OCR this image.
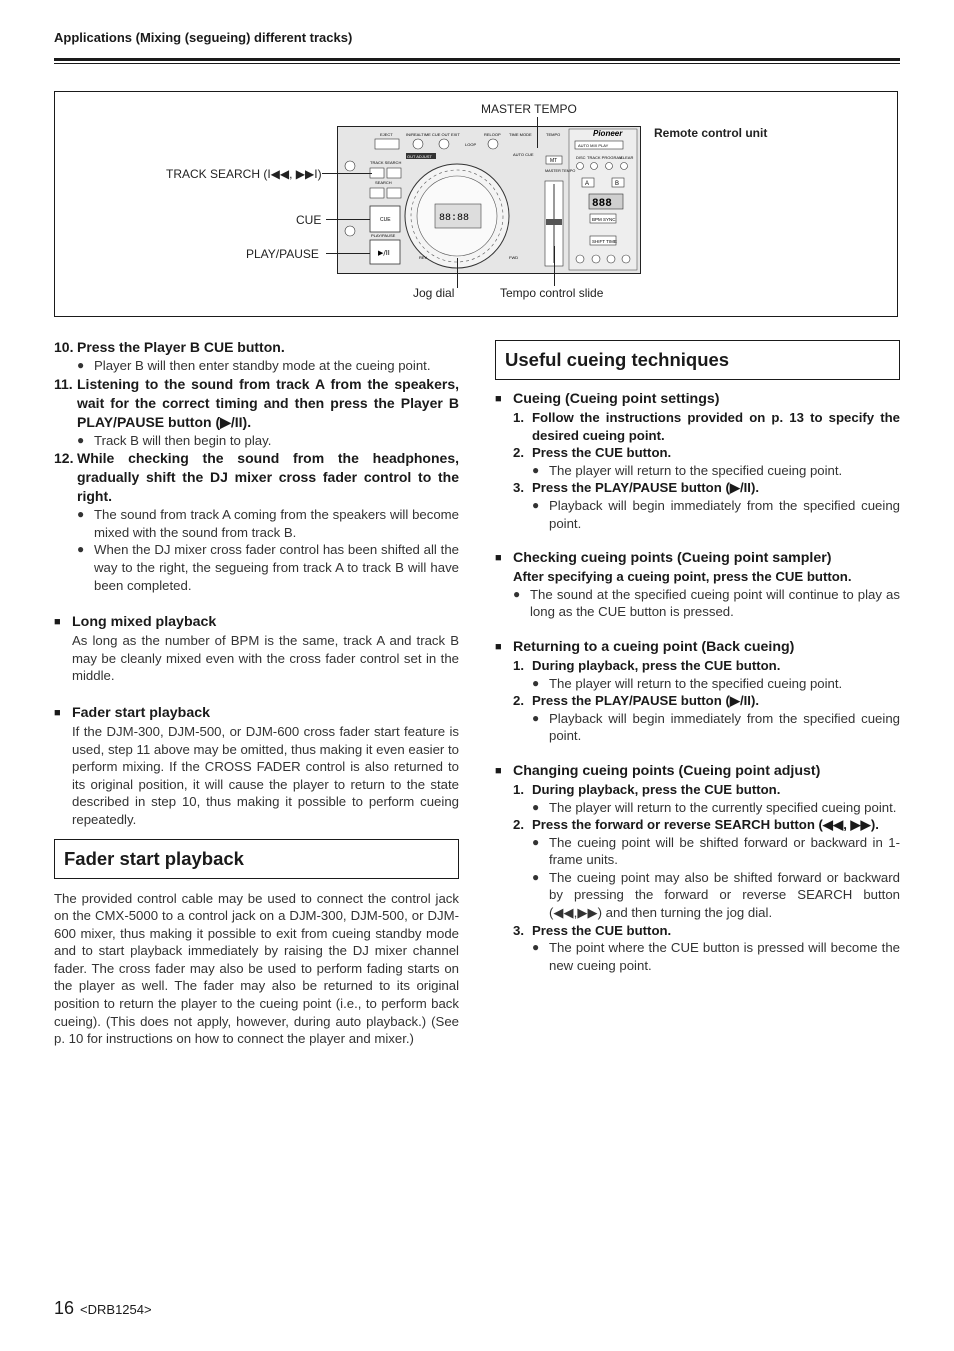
Applications (Mixing (segueing) different tracks)
Pioneer
AUTO MIX PLAY
DISC TRACK PROGRAM
CLEAR
A	B
888
BPM SYNC
SHIFT TIME
EJECT	IN/REALTIME CUE OUT EXIT	RELOOP TIME MODE	TEMPO
OUT ADJUST
LOOP
AUTO CUE
MT
TRACK SEARCH
SEARCH
CUE
PLAY/PAUSE
▶/II
88:88
REV	FWD
MASTER TEMPO
MASTER TEMPO
TRACK SEARCH (I◀◀, ▶▶I)
CUE
PLAY/PAUSE
Jog dial	Tempo control slide
Remote control unit
10. Press the Player B CUE button.
● Player B will then enter standby mode at the cueing point.
11. Listening to the sound from track A from the speakers, wait for the correct timing and then press the Player B PLAY/PAUSE button (▶/II).
● Track B will then begin to play.
12. While checking the sound from the headphones, gradually shift the DJ mixer cross fader control to the right.
● The sound from track A coming from the speakers will become mixed with the sound from track B.
● When the DJ mixer cross fader control has been shifted all the way to the right, the segueing from track A to track B will have been completed.
■ Long mixed playback
As long as the number of BPM is the same, track A and track B may be cleanly mixed even with the cross fader control set in the middle.
■ Fader start playback
If the DJM-300, DJM-500, or DJM-600 cross fader start feature is used, step 11 above may be omitted, thus making it even easier to perform mixing. If the CROSS FADER control is also returned to its original position, it will cause the player to return to the state described in step 10, thus making it possible to perform cueing repeatedly.
Fader start playback
The provided control cable may be used to connect the control jack on the CMX-5000 to a control jack on a DJM-300, DJM-500, or DJM-600 mixer, thus making it possible to exit from cueing standby mode and to start playback immediately by raising the DJ mixer channel fader. The cross fader may also be used to perform fading starts on the player as well. The fader may also be returned to its original position to return the player to the cueing point (i.e., to perform back cueing). (This does not apply, however, during auto playback.) (See p. 10 for instructions on how to connect the player and mixer.)
Useful cueing techniques
■ Cueing (Cueing point settings)
1. Follow the instructions provided on p. 13 to specify the desired cueing point.
2. Press the CUE button.
● The player will return to the specified cueing point.
3. Press the PLAY/PAUSE button (▶/II).
● Playback will begin immediately from the specified cueing point.
■ Checking cueing points (Cueing point sampler)
After specifying a cueing point, press the CUE button.
● The sound at the specified cueing point will continue to play as long as the CUE button is pressed.
■ Returning to a cueing point (Back cueing)
1. During playback, press the CUE button.
● The player will return to the specified cueing point.
2. Press the PLAY/PAUSE button (▶/II).
● Playback will begin immediately from the specified cueing point.
■ Changing cueing points (Cueing point adjust)
1. During playback, press the CUE button.
● The player will return to the currently specified cueing point.
2. Press the forward or reverse SEARCH button (◀◀, ▶▶).
● The cueing point will be shifted forward or backward in 1-frame units.
● The cueing point may also be shifted forward or backward by pressing the forward or reverse SEARCH button (◀◀,▶▶) and then turning the jog dial.
3. Press the CUE button.
● The point where the CUE button is pressed will become the new cueing point.
16 <DRB1254>
